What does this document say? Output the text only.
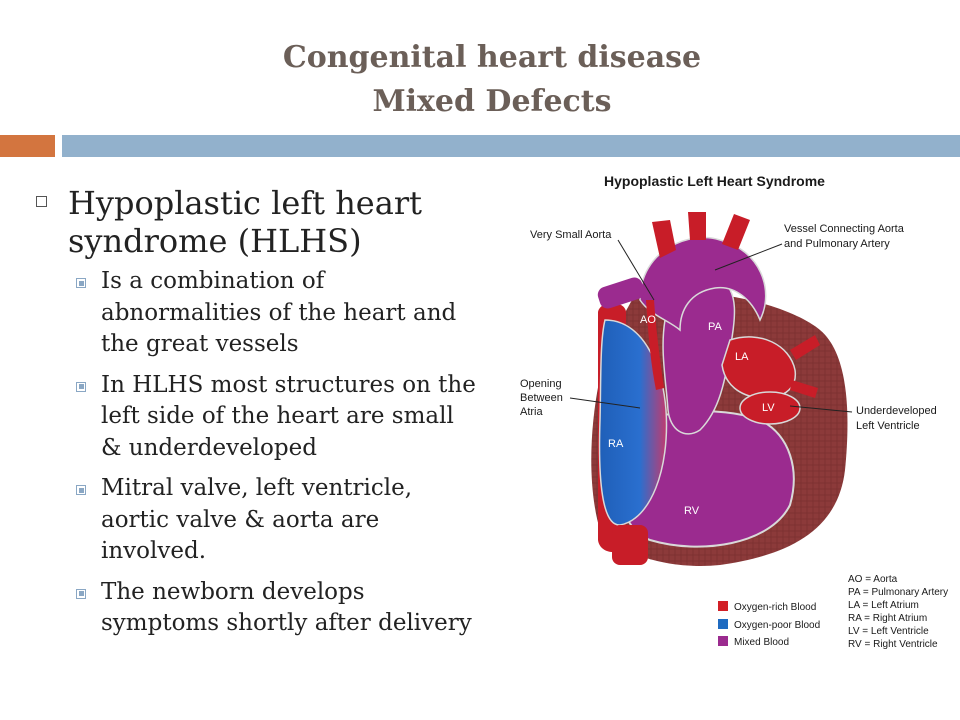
Congenital heart disease
Mixed Defects
Hypoplastic left heart syndrome (HLHS)
Is a combination of abnormalities of the heart and the great vessels
In HLHS most structures on the left side of the heart are small & underdeveloped
Mitral valve, left ventricle, aortic valve & aorta are involved.
The newborn develops symptoms shortly after delivery
Hypoplastic Left Heart Syndrome
AO
PA
LA
LV
RA
RV
Very Small Aorta	Vessel Connecting Aorta
and Pulmonary Artery
Opening
Between
Atria	Underdeveloped
Left Ventricle
AO = Aorta
PA = Pulmonary Artery
LA = Left Atrium
RA = Right Atrium
LV = Left Ventricle
RV = Right Ventricle
Oxygen-rich Blood
Oxygen-poor Blood
Mixed Blood
